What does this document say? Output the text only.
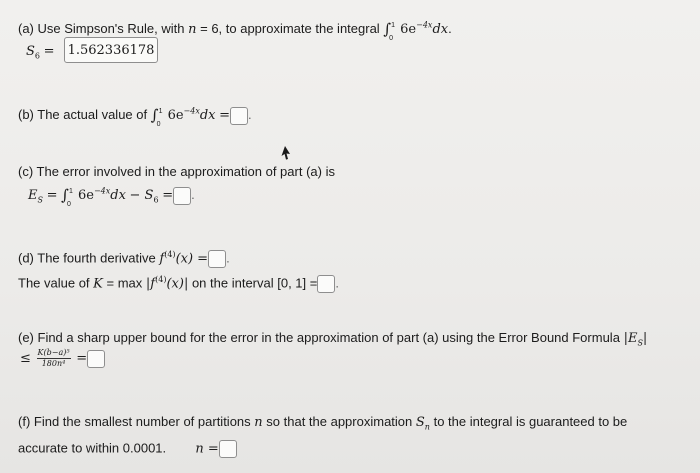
(a) Use Simpson's Rule, with n = 6, to approximate the integral ∫ 1
0
$6e^{-4x}dx$.
$S_6 = 1.562336178$
(b) The actual value of ∫ 1
0
$6e^{-4x}dx$ = .
(c) The error involved in the approximation of part (a) is
$E_S$ = ∫ 1
0
$6e^{-4x}dx - S_6$ = .
(d) The fourth derivative $f^{(4)}(x)$ = .
The value of $K = \max |f^{(4)}(x)|$ on the interval [0, 1] = .
(e) Find a sharp upper bound for the error in the approximation of part (a) using the Error Bound Formula $|E_S|$
≤ $\frac{\text{K(b−a)⁵}}{\text{180n⁴}}$ =
(f) Find the smallest number of partitions n so that the approximation $S_n$ to the integral is guaranteed to be
accurate to within 0.0001. n =
